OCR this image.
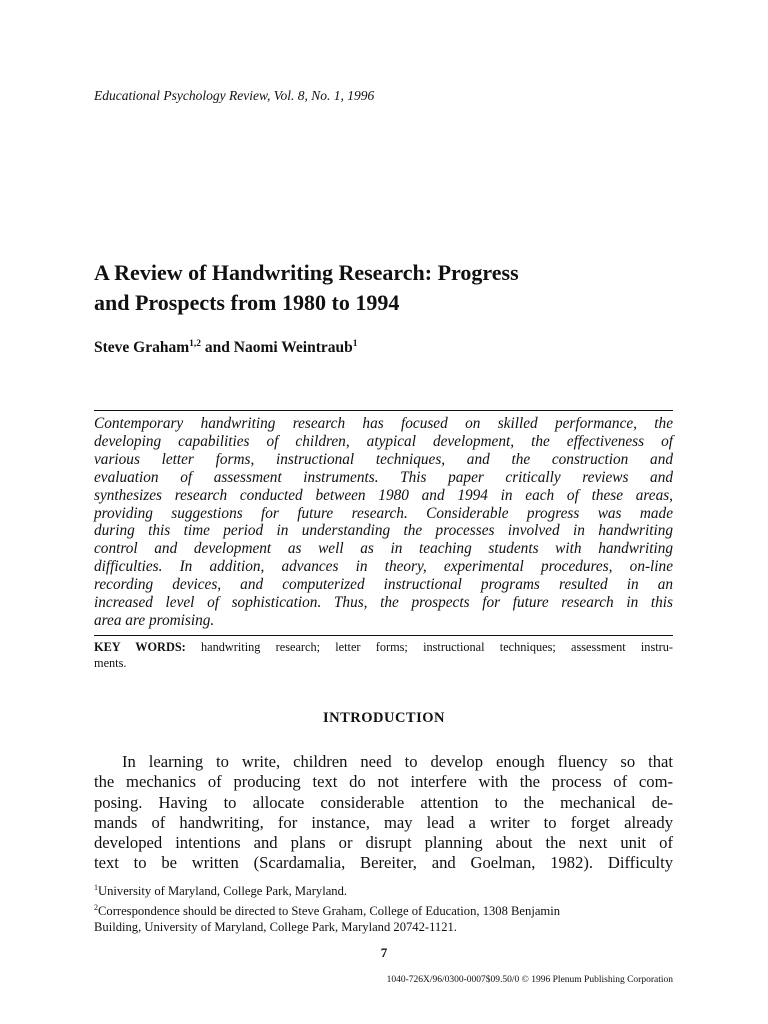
Educational Psychology Review, Vol. 8, No. 1, 1996
A Review of Handwriting Research: Progress
and Prospects from 1980 to 1994
Steve Graham$^{1,2}$ and Naomi Weintraub$^1$
Contemporary handwriting research has focused on skilled performance, the
developing capabilities of children, atypical development, the effectiveness of
various letter forms, instructional techniques, and the construction and
evaluation of assessment instruments. This paper critically reviews and
synthesizes research conducted between 1980 and 1994 in each of these areas,
providing suggestions for future research. Considerable progress was made
during this time period in understanding the processes involved in handwriting
control and development as well as in teaching students with handwriting
difficulties. In addition, advances in theory, experimental procedures, on-line
recording devices, and computerized instructional programs resulted in an
increased level of sophistication. Thus, the prospects for future research in this
area are promising.
KEY WORDS: handwriting research; letter forms; instructional techniques; assessment instru-
ments.
INTRODUCTION
In learning to write, children need to develop enough fluency so that
the mechanics of producing text do not interfere with the process of com-
posing. Having to allocate considerable attention to the mechanical de-
mands of handwriting, for instance, may lead a writer to forget already
developed intentions and plans or disrupt planning about the next unit of
text to be written (Scardamalia, Bereiter, and Goelman, 1982). Difficulty
$^1$University of Maryland, College Park, Maryland.
$^2$Correspondence should be directed to Steve Graham, College of Education, 1308 Benjamin
Building, University of Maryland, College Park, Maryland 20742-1121.
7
1040-726X/96/0300-0007$09.50/0 © 1996 Plenum Publishing Corporation
